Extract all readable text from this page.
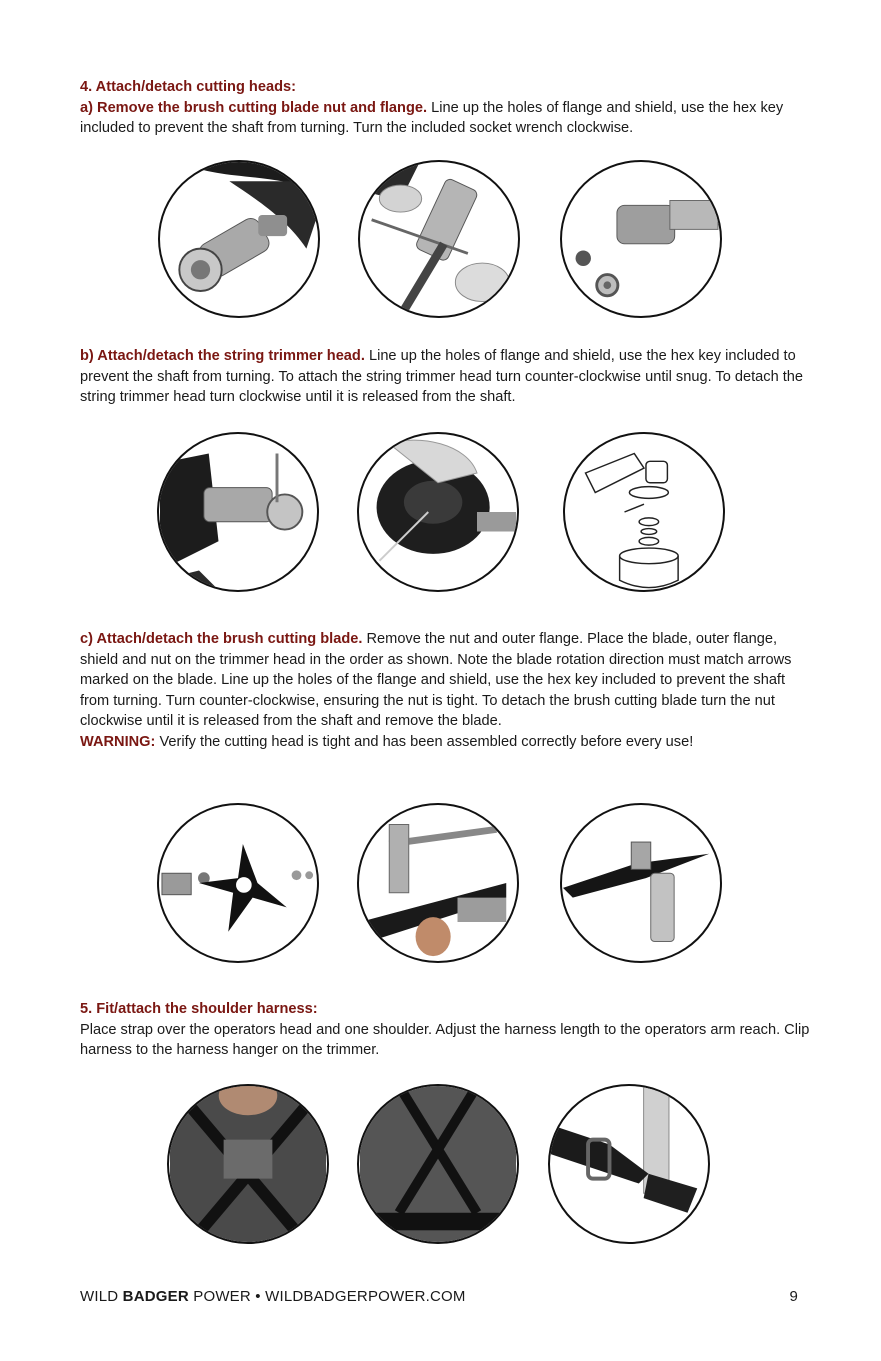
4. Attach/detach cutting heads:

a) Remove the brush cutting blade nut and flange. Line up the holes of flange and shield, use the hex key included to prevent the shaft from turning. Turn the included socket wrench clockwise.

b) Attach/detach the string trimmer head. Line up the holes of flange and shield, use the hex key included to prevent the shaft from turning. To attach the string trimmer head turn counter-clockwise until snug. To detach the string trimmer head turn clockwise until it is released from the shaft.

c) Attach/detach the brush cutting blade. Remove the nut and outer flange. Place the blade, outer flange, shield and nut on the trimmer head in the order as shown. Note the blade rotation direction must match arrows marked on the blade. Line up the holes of the flange and shield, use the hex key included to prevent the shaft from turning. Turn counter-clockwise, ensuring the nut is tight. To detach the brush cutting blade turn the nut clockwise until it is released from the shaft and remove the blade.

WARNING: Verify the cutting head is tight and has been assembled correctly before every use!

5. Fit/attach the shoulder harness:

Place strap over the operators head and one shoulder. Adjust the harness length to the operators arm reach. Clip harness to the harness hanger on the trimmer.

WILD BADGER POWER • WILDBADGERPOWER.COM	9
